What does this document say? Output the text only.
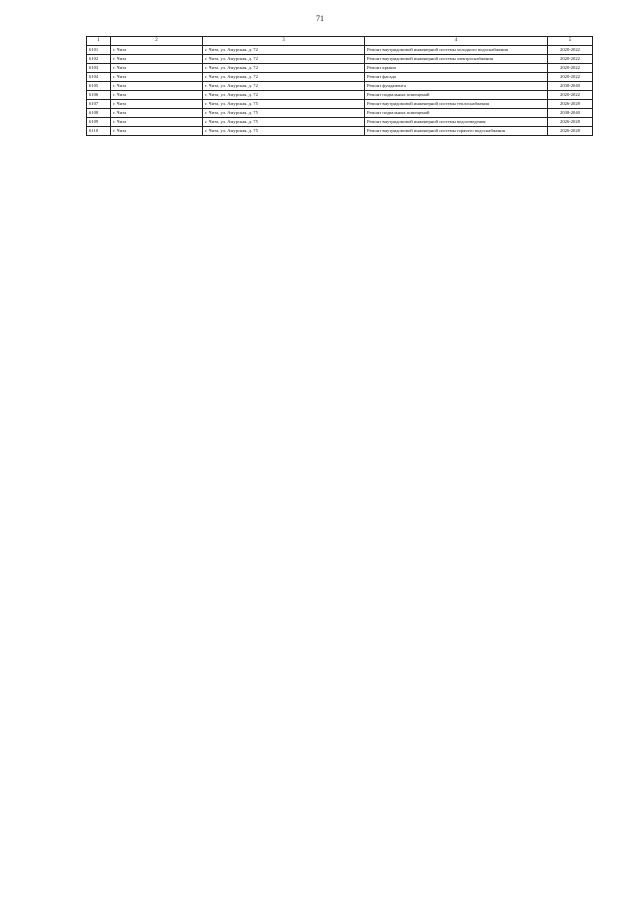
71
1	2	3	4	5
6101	г. Чита	г. Чита, ул. Амурская, д. 72	Ремонт внутридомовой инженерной системы холодного водоснабжения	2020-2022
6102	г. Чита	г. Чита, ул. Амурская, д. 72	Ремонт внутридомовой инженерной системы электроснабжения	2020-2022
6103	г. Чита	г. Чита, ул. Амурская, д. 72	Ремонт крыши	2020-2022
6104	г. Чита	г. Чита, ул. Амурская, д. 72	Ремонт фасада	2020-2022
6105	г. Чита	г. Чита, ул. Амурская, д. 72	Ремонт фундамента	2038-2040
6106	г. Чита	г. Чита, ул. Амурская, д. 72	Ремонт подвальных помещений	2020-2022
6107	г. Чита	г. Чита, ул. Амурская, д. 75	Ремонт внутридомовой инженерной системы теплоснабжения	2026-2028
6108	г. Чита	г. Чита, ул. Амурская, д. 75	Ремонт подвальных помещений	2038-2040
6109	г. Чита	г. Чита, ул. Амурская, д. 75	Ремонт внутридомовой инженерной системы водоотведения	2026-2028
6110	г. Чита	г. Чита, ул. Амурская, д. 75	Ремонт внутридомовой инженерной системы горячего водоснабжения	2026-2028
